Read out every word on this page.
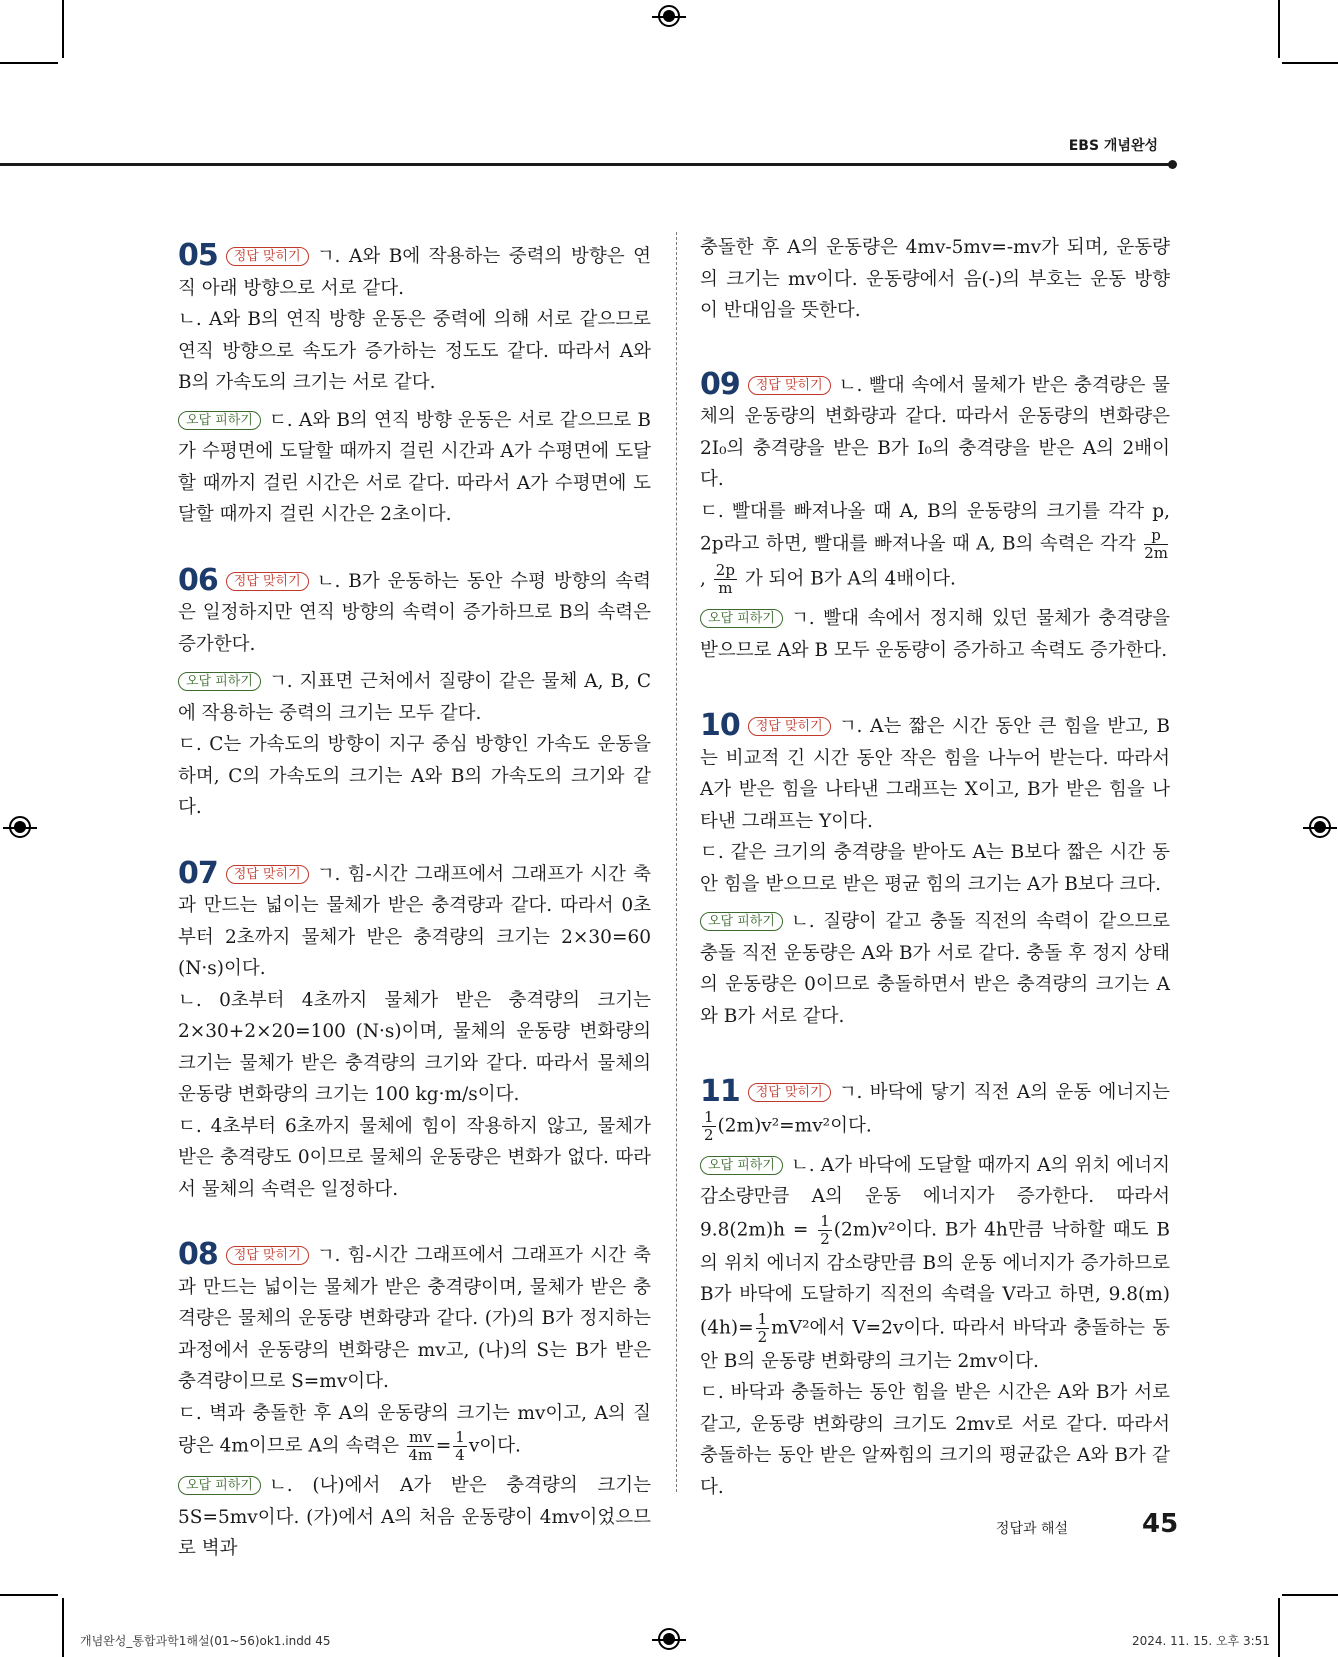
EBS 개념완성

05 정답 맞히기 ㄱ. A와 B에 작용하는 중력의 방향은 연직 아래 방향으로 서로 같다.

ㄴ. A와 B의 연직 방향 운동은 중력에 의해 서로 같으므로 연직 방향으로 속도가 증가하는 정도도 같다. 따라서 A와 B의 가속도의 크기는 서로 같다.

오답 피하기 ㄷ. A와 B의 연직 방향 운동은 서로 같으므로 B가 수평면에 도달할 때까지 걸린 시간과 A가 수평면에 도달할 때까지 걸린 시간은 서로 같다. 따라서 A가 수평면에 도달할 때까지 걸린 시간은 2초이다.

06 정답 맞히기 ㄴ. B가 운동하는 동안 수평 방향의 속력은 일정하지만 연직 방향의 속력이 증가하므로 B의 속력은 증가한다.

오답 피하기 ㄱ. 지표면 근처에서 질량이 같은 물체 A, B, C에 작용하는 중력의 크기는 모두 같다.

ㄷ. C는 가속도의 방향이 지구 중심 방향인 가속도 운동을 하며, C의 가속도의 크기는 A와 B의 가속도의 크기와 같다.

07 정답 맞히기 ㄱ. 힘-시간 그래프에서 그래프가 시간 축과 만드는 넓이는 물체가 받은 충격량과 같다. 따라서 0초부터 2초까지 물체가 받은 충격량의 크기는 2×30=60 (N·s)이다.

ㄴ. 0초부터 4초까지 물체가 받은 충격량의 크기는 2×30+2×20=100 (N·s)이며, 물체의 운동량 변화량의 크기는 물체가 받은 충격량의 크기와 같다. 따라서 물체의 운동량 변화량의 크기는 100 kg·m/s이다.

ㄷ. 4초부터 6초까지 물체에 힘이 작용하지 않고, 물체가 받은 충격량도 0이므로 물체의 운동량은 변화가 없다. 따라서 물체의 속력은 일정하다.

08 정답 맞히기 ㄱ. 힘-시간 그래프에서 그래프가 시간 축과 만드는 넓이는 물체가 받은 충격량이며, 물체가 받은 충격량은 물체의 운동량 변화량과 같다. (가)의 B가 정지하는 과정에서 운동량의 변화량은 mv고, (나)의 S는 B가 받은 충격량이므로 S=mv이다.

ㄷ. 벽과 충돌한 후 A의 운동량의 크기는 mv이고, A의 질량은 4m이므로 A의 속력은 $\frac{mv}{4m} = \frac{1}{4}$ v이다.

오답 피하기 ㄴ. (나)에서 A가 받은 충격량의 크기는 5S=5mv이다. (가)에서 A의 처음 운동량이 4mv이었으므로 벽과

충돌한 후 A의 운동량은 4mv-5mv=-mv가 되며, 운동량의 크기는 mv이다. 운동량에서 음(-)의 부호는 운동 방향이 반대임을 뜻한다.

09 정답 맞히기 ㄴ. 빨대 속에서 물체가 받은 충격량은 물체의 운동량의 변화량과 같다. 따라서 운동량의 변화량은 2I₀의 충격량을 받은 B가 I₀의 충격량을 받은 A의 2배이다.

ㄷ. 빨대를 빠져나올 때 A, B의 운동량의 크기를 각각 p, 2p라고 하면, 빨대를 빠져나올 때 A, B의 속력은 각각 $\frac{p}{2m}$
, $\frac{2p}{m}$ 가 되어 B가 A의 4배이다.

오답 피하기 ㄱ. 빨대 속에서 정지해 있던 물체가 충격량을 받으므로 A와 B 모두 운동량이 증가하고 속력도 증가한다.

10 정답 맞히기 ㄱ. A는 짧은 시간 동안 큰 힘을 받고, B는 비교적 긴 시간 동안 작은 힘을 나누어 받는다. 따라서 A가 받은 힘을 나타낸 그래프는 X이고, B가 받은 힘을 나타낸 그래프는 Y이다.

ㄷ. 같은 크기의 충격량을 받아도 A는 B보다 짧은 시간 동안 힘을 받으므로 받은 평균 힘의 크기는 A가 B보다 크다.

오답 피하기 ㄴ. 질량이 같고 충돌 직전의 속력이 같으므로 충돌 직전 운동량은 A와 B가 서로 같다. 충돌 후 정지 상태의 운동량은 0이므로 충돌하면서 받은 충격량의 크기는 A와 B가 서로 같다.

11 정답 맞히기 ㄱ. 바닥에 닿기 직전 A의 운동 에너지는
$\frac{1}{2} (2m)v^2=mv^2$이다.

오답 피하기 ㄴ. A가 바닥에 도달할 때까지 A의 위치 에너지 감소량만큼 A의 운동 에너지가 증가한다. 따라서 $9.8(2m)h = \frac{1}{2} (2m)v^2$이다. B가 4h만큼 낙하할 때도 B의 위치 에너지 감소량만큼 B의 운동 에너지가 증가하므로 B가 바닥에 도달하기 직전의 속력을 V라고 하면, $9.8(m)(4h)= \frac{1}{2} mV^2$에서 V=2v이다. 따라서 바닥과 충돌하는 동안 B의 운동량 변화량의 크기는 2mv이다.

ㄷ. 바닥과 충돌하는 동안 힘을 받은 시간은 A와 B가 서로 같고, 운동량 변화량의 크기도 2mv로 서로 같다. 따라서 충돌하는 동안 받은 알짜힘의 크기의 평균값은 A와 B가 같다.

정답과 해설	45
개념완성_통합과학1해설(01~56)ok1.indd 45	2024. 11. 15. 오후 3:51
